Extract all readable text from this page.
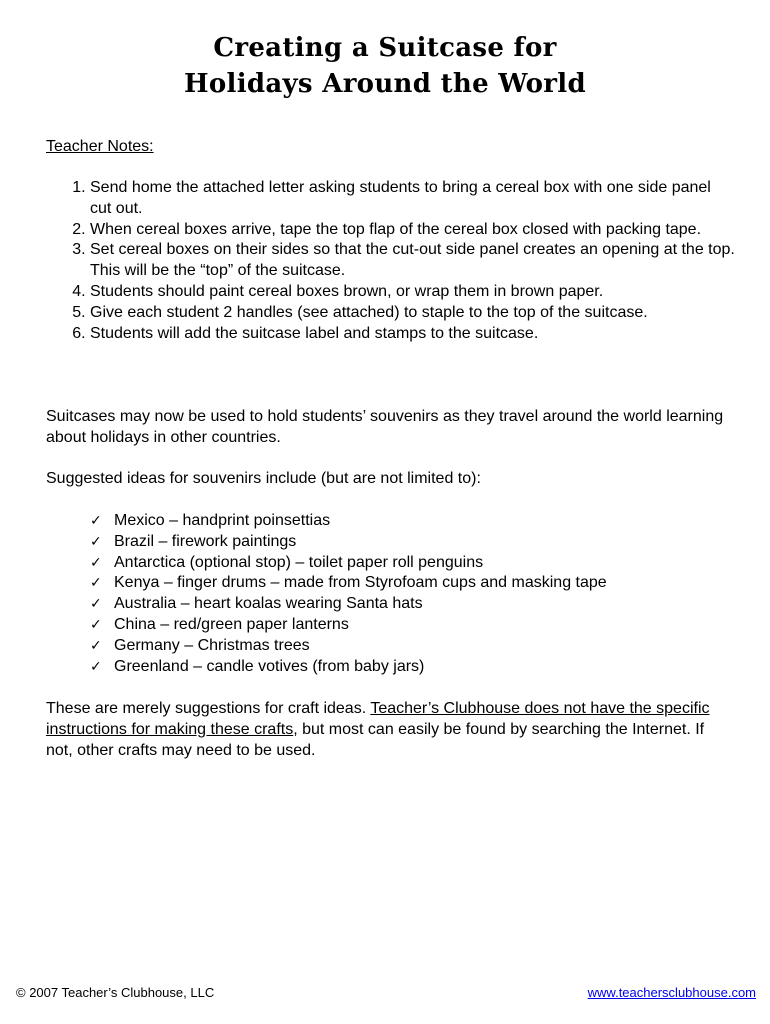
Creating a Suitcase for
Holidays Around the World
Teacher Notes:
1. Send home the attached letter asking students to bring a cereal box with one side panel cut out.
2. When cereal boxes arrive, tape the top flap of the cereal box closed with packing tape.
3. Set cereal boxes on their sides so that the cut-out side panel creates an opening at the top. This will be the “top” of the suitcase.
4. Students should paint cereal boxes brown, or wrap them in brown paper.
5. Give each student 2 handles (see attached) to staple to the top of the suitcase.
6. Students will add the suitcase label and stamps to the suitcase.

Suitcases may now be used to hold students’ souvenirs as they travel around the world learning about holidays in other countries.

Suggested ideas for souvenirs include (but are not limited to):

✓ Mexico – handprint poinsettias
✓ Brazil – firework paintings
✓ Antarctica (optional stop) – toilet paper roll penguins
✓ Kenya – finger drums – made from Styrofoam cups and masking tape
✓ Australia – heart koalas wearing Santa hats
✓ China – red/green paper lanterns
✓ Germany – Christmas trees
✓ Greenland – candle votives (from baby jars)

These are merely suggestions for craft ideas. Teacher’s Clubhouse does not have the specific instructions for making these crafts, but most can easily be found by searching the Internet. If not, other crafts may need to be used.

© 2007 Teacher’s Clubhouse, LLC	www.teachersclubhouse.com
